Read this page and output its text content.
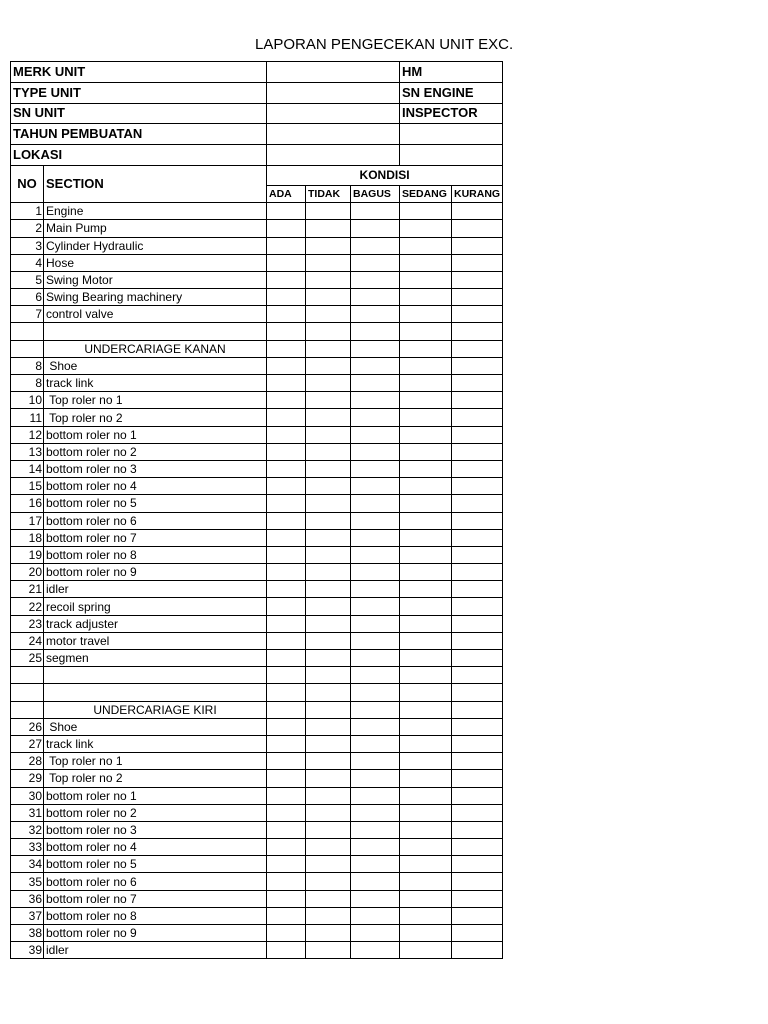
LAPORAN PENGECEKAN UNIT EXC.
MERK UNIT					HM	
TYPE UNIT					SN ENGINE	
SN UNIT					INSPECTOR	
TAHUN PEMBUATAN						
LOKASI						
NO	SECTION	KONDISI				
		ADA	TIDAK	BAGUS	SEDANG	KURANG
1	Engine					
2	Main Pump					
3	Cylinder Hydraulic					
4	Hose					
5	Swing Motor					
6	Swing Bearing machinery					
7	control valve					

	UNDERCARIAGE KANAN					
8	Shoe					
8	track link					
10	Top roler no 1					
11	Top roler no 2					
12	bottom roler no 1					
13	bottom roler no 2					
14	bottom roler no 3					
15	bottom roler no 4					
16	bottom roler no 5					
17	bottom roler no 6					
18	bottom roler no 7					
19	bottom roler no 8					
20	bottom roler no 9					
21	idler					
22	recoil spring					
23	track adjuster					
24	motor travel					
25	segmen					

	UNDERCARIAGE KIRI					
26	Shoe					
27	track link					
28	Top roler no 1					
29	Top roler no 2					
30	bottom roler no 1					
31	bottom roler no 2					
32	bottom roler no 3					
33	bottom roler no 4					
34	bottom roler no 5					
35	bottom roler no 6					
36	bottom roler no 7					
37	bottom roler no 8					
38	bottom roler no 9					
39	idler					
